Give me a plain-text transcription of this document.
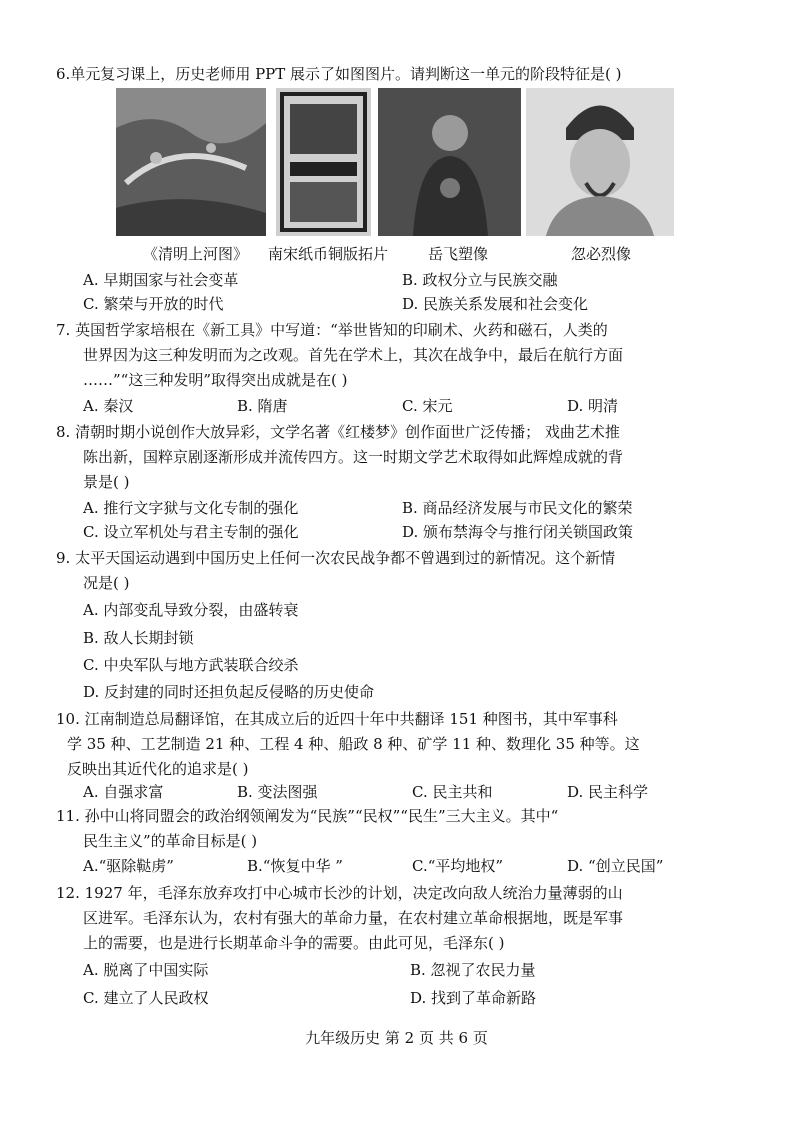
6.单元复习课上，历史老师用 PPT 展示了如图图片。请判断这一单元的阶段特征是( )
《清明上河图》 南宋纸币铜版拓片	岳飞塑像	忽必烈像
A. 早期国家与社会变革	B. 政权分立与民族交融
C. 繁荣与开放的时代	D. 民族关系发展和社会变化
7. 英国哲学家培根在《新工具》中写道：“举世皆知的印刷术、火药和磁石，人类的
世界因为这三种发明而为之改观。首先在学术上，其次在战争中，最后在航行方面
……”“这三种发明”取得突出成就是在( )
A. 秦汉	B. 隋唐	C. 宋元	D. 明清
8. 清朝时期小说创作大放异彩，文学名著《红楼梦》创作面世广泛传播； 戏曲艺术推
陈出新，国粹京剧逐渐形成并流传四方。这一时期文学艺术取得如此辉煌成就的背
景是( )
A. 推行文字狱与文化专制的强化	B. 商品经济发展与市民文化的繁荣
C. 设立军机处与君主专制的强化	D. 颁布禁海令与推行闭关锁国政策
9. 太平天国运动遇到中国历史上任何一次农民战争都不曾遇到过的新情况。这个新情
况是( )
A. 内部变乱导致分裂，由盛转衰
B. 敌人长期封锁
C. 中央军队与地方武装联合绞杀
D. 反封建的同时还担负起反侵略的历史使命
10. 江南制造总局翻译馆，在其成立后的近四十年中共翻译 151 种图书，其中军事科
学 35 种、工艺制造 21 种、工程 4 种、船政 8 种、矿学 11 种、数理化 35 种等。这
反映出其近代化的追求是( )
A. 自强求富	B. 变法图强	C. 民主共和	D. 民主科学
11. 孙中山将同盟会的政治纲领阐发为“民族”“民权”“民生”三大主义。其中“
民生主义”的革命目标是( )
A.“驱除鞑虏”	B.“恢复中华 ”	C.“平均地权”	D. “创立民国”
12. 1927 年，毛泽东放弃攻打中心城市长沙的计划，决定改向敌人统治力量薄弱的山
区进军。毛泽东认为，农村有强大的革命力量，在农村建立革命根据地，既是军事
上的需要，也是进行长期革命斗争的需要。由此可见，毛泽东( )
A. 脱离了中国实际	B. 忽视了农民力量
C. 建立了人民政权	D. 找到了革命新路
九年级历史 第 2 页 共 6 页
